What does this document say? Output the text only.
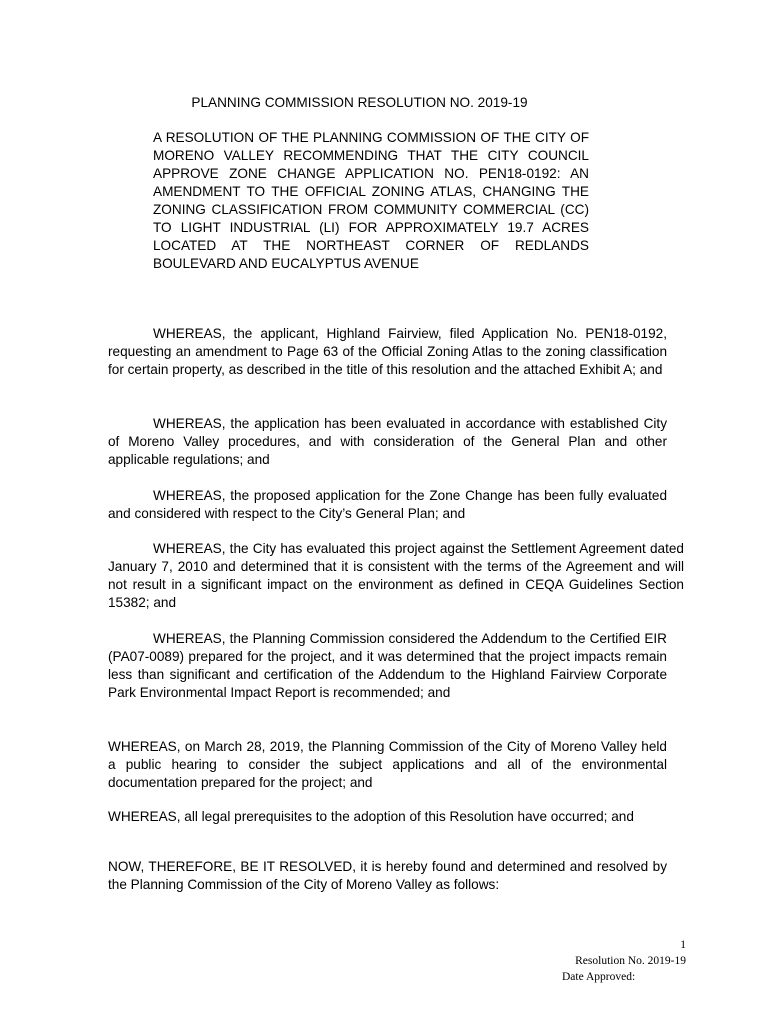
PLANNING COMMISSION RESOLUTION NO. 2019-19

A RESOLUTION OF THE PLANNING COMMISSION OF THE CITY OF MORENO VALLEY RECOMMENDING THAT THE CITY COUNCIL APPROVE ZONE CHANGE APPLICATION NO. PEN18-0192: AN AMENDMENT TO THE OFFICIAL ZONING ATLAS, CHANGING THE ZONING CLASSIFICATION FROM COMMUNITY COMMERCIAL (CC) TO LIGHT INDUSTRIAL (LI) FOR APPROXIMATELY 19.7 ACRES LOCATED AT THE NORTHEAST CORNER OF REDLANDS BOULEVARD AND EUCALYPTUS AVENUE

WHEREAS, the applicant, Highland Fairview, filed Application No. PEN18-0192, requesting an amendment to Page 63 of the Official Zoning Atlas to the zoning classification for certain property, as described in the title of this resolution and the attached Exhibit A; and

WHEREAS, the application has been evaluated in accordance with established City of Moreno Valley procedures, and with consideration of the General Plan and other applicable regulations; and

WHEREAS, the proposed application for the Zone Change has been fully evaluated and considered with respect to the City’s General Plan; and

WHEREAS, the City has evaluated this project against the Settlement Agreement dated January 7, 2010 and determined that it is consistent with the terms of the Agreement and will not result in a significant impact on the environment as defined in CEQA Guidelines Section 15382; and

WHEREAS, the Planning Commission considered the Addendum to the Certified EIR (PA07-0089) prepared for the project, and it was determined that the project impacts remain less than significant and certification of the Addendum to the Highland Fairview Corporate Park Environmental Impact Report is recommended; and

WHEREAS, on March 28, 2019, the Planning Commission of the City of Moreno Valley held a public hearing to consider the subject applications and all of the environmental documentation prepared for the project; and

WHEREAS, all legal prerequisites to the adoption of this Resolution have occurred; and

NOW, THEREFORE, BE IT RESOLVED, it is hereby found and determined and resolved by the Planning Commission of the City of Moreno Valley as follows:

1
Resolution No. 2019-19
Date Approved:
